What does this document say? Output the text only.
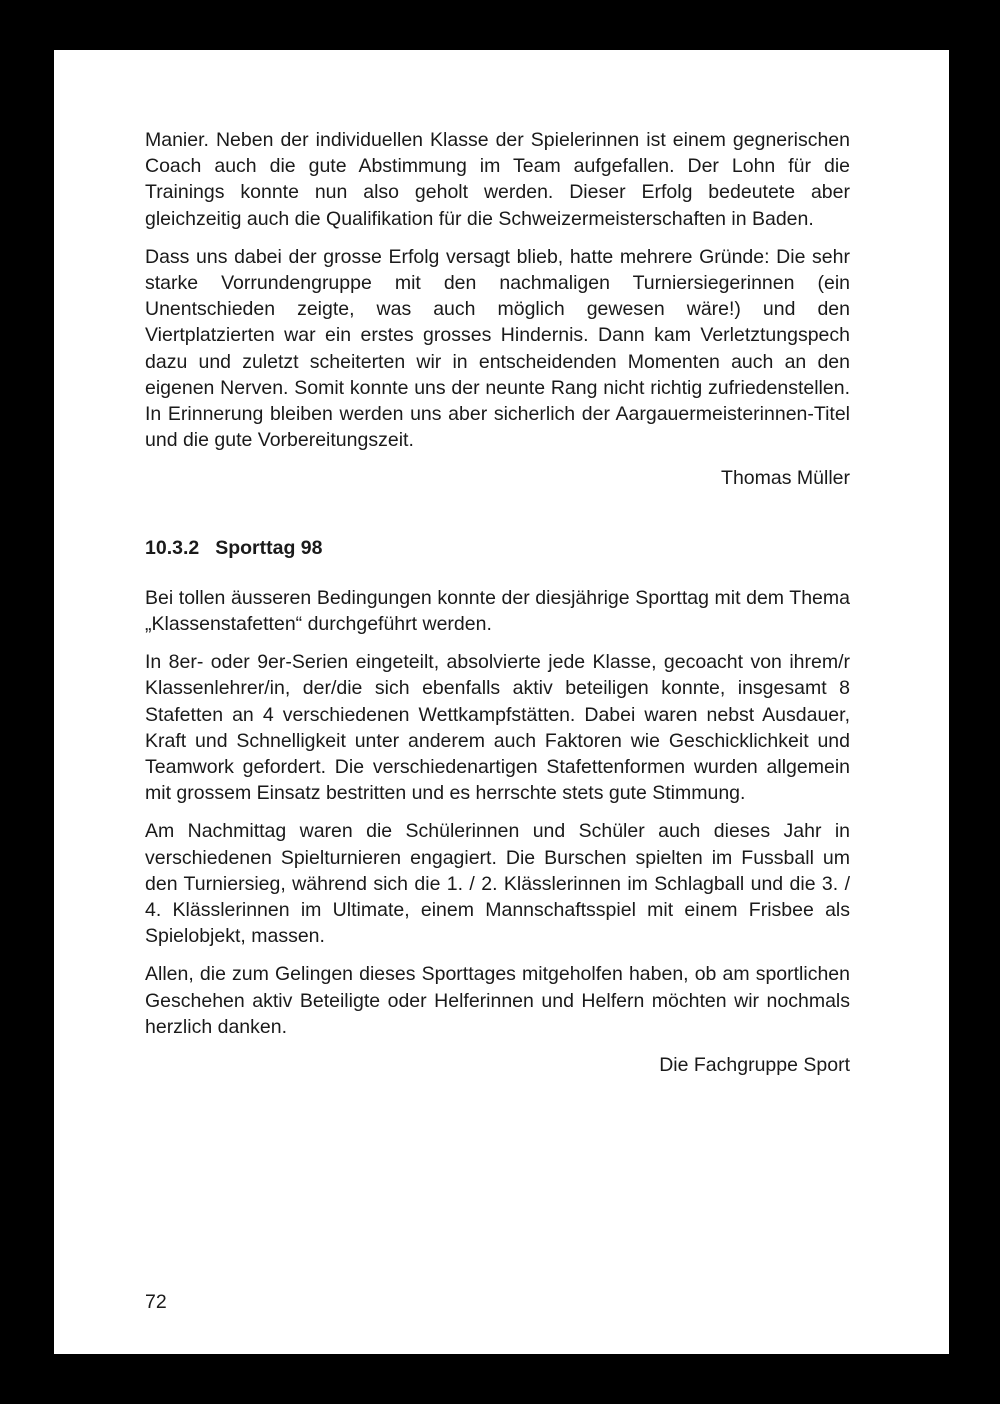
Manier. Neben der individuellen Klasse der Spielerinnen ist einem gegnerischen Coach auch die gute Abstimmung im Team aufgefallen. Der Lohn für die Trainings konnte nun also geholt werden. Dieser Erfolg bedeutete aber gleichzeitig auch die Qualifikation für die Schweizermeisterschaften in Baden.

Dass uns dabei der grosse Erfolg versagt blieb, hatte mehrere Gründe: Die sehr starke Vorrundengruppe mit den nachmaligen Turniersiegerinnen (ein Unentschieden zeigte, was auch möglich gewesen wäre!) und den Viertplatzierten war ein erstes grosses Hindernis. Dann kam Verletztungspech dazu und zuletzt scheiterten wir in entscheidenden Momenten auch an den eigenen Nerven. Somit konnte uns der neunte Rang nicht richtig zufriedenstellen. In Erinnerung bleiben werden uns aber sicherlich der Aargauermeisterinnen-Titel und die gute Vorbereitungszeit.

Thomas Müller

10.3.2 Sporttag 98

Bei tollen äusseren Bedingungen konnte der diesjährige Sporttag mit dem Thema „Klassenstafetten“ durchgeführt werden.

In 8er- oder 9er-Serien eingeteilt, absolvierte jede Klasse, gecoacht von ihrem/r Klassenlehrer/in, der/die sich ebenfalls aktiv beteiligen konnte, insgesamt 8 Stafetten an 4 verschiedenen Wettkampfstätten. Dabei waren nebst Ausdauer, Kraft und Schnelligkeit unter anderem auch Faktoren wie Geschicklichkeit und Teamwork gefordert. Die verschiedenartigen Stafettenformen wurden allgemein mit grossem Einsatz bestritten und es herrschte stets gute Stimmung.

Am Nachmittag waren die Schülerinnen und Schüler auch dieses Jahr in verschiedenen Spielturnieren engagiert. Die Burschen spielten im Fussball um den Turniersieg, während sich die 1. / 2. Klässlerinnen im Schlagball und die 3. / 4. Klässlerinnen im Ultimate, einem Mannschaftsspiel mit einem Frisbee als Spielobjekt, massen.

Allen, die zum Gelingen dieses Sporttages mitgeholfen haben, ob am sportlichen Geschehen aktiv Beteiligte oder Helferinnen und Helfern möchten wir nochmals herzlich danken.

Die Fachgruppe Sport

72
